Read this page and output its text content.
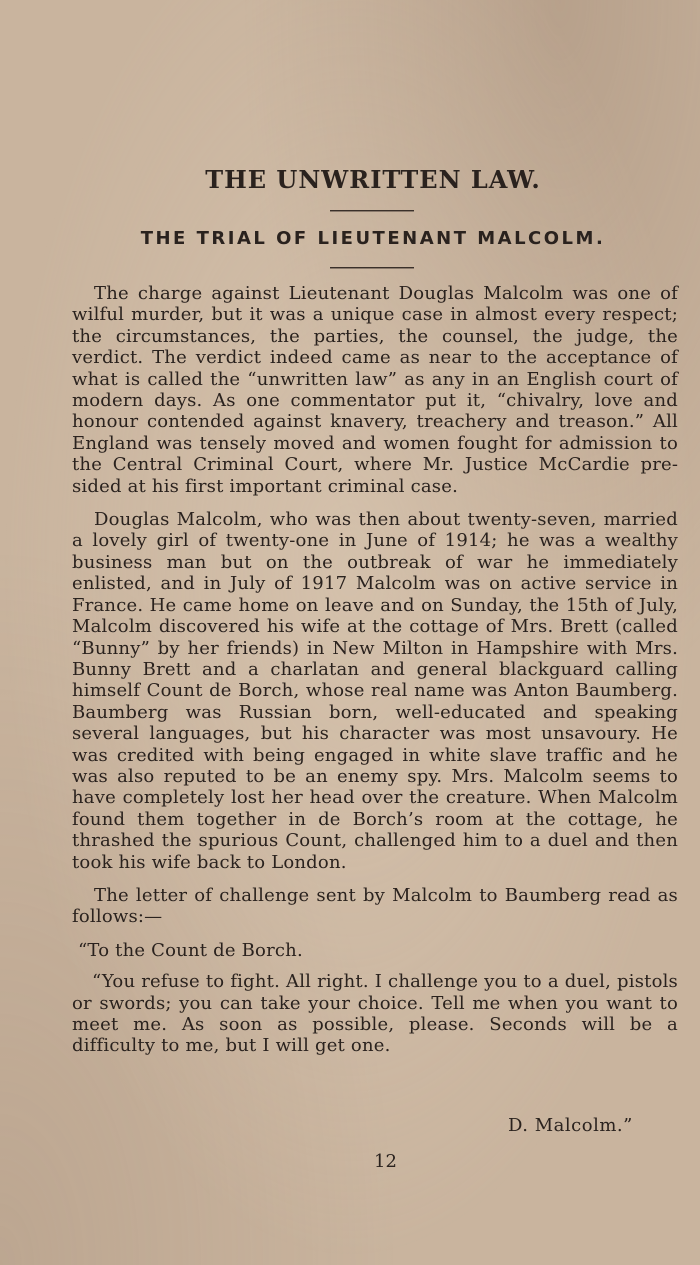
THE UNWRITTEN LAW.
THE TRIAL OF LIEUTENANT MALCOLM.

The charge against Lieutenant Douglas Malcolm was one of wilful murder, but it was a unique case in almost every respect; the circumstances, the parties, the counsel, the judge, the verdict. The verdict indeed came as near to the acceptance of what is called the “unwritten law” as any in an English court of modern days. As one commentator put it, “chivalry, love and honour contended against knavery, treachery and treason.” All England was tensely moved and women fought for admission to the Central Criminal Court, where Mr. Justice McCardie presided at his first important criminal case.

Douglas Malcolm, who was then about twenty-seven, married a lovely girl of twenty-one in June of 1914; he was a wealthy business man but on the outbreak of war he immediately enlisted, and in July of 1917 Malcolm was on active service in France. He came home on leave and on Sunday, the 15th of July, Malcolm discovered his wife at the cottage of Mrs. Brett (called “Bunny” by her friends) in New Milton in Hampshire with Mrs. Bunny Brett and a charlatan and general blackguard calling himself Count de Borch, whose real name was Anton Baumberg. Baumberg was Russian born, well-educated and speaking several languages, but his character was most unsavoury. He was credited with being engaged in white slave traffic and he was also reputed to be an enemy spy. Mrs. Malcolm seems to have completely lost her head over the creature. When Malcolm found them together in de Borch’s room at the cottage, he thrashed the spurious Count, challenged him to a duel and then took his wife back to London.

The letter of challenge sent by Malcolm to Baumberg read as follows:—

“To the Count de Borch.

“You refuse to fight. All right. I challenge you to a duel, pistols or swords; you can take your choice. Tell me when you want to meet me. As soon as possible, please. Seconds will be a difficulty to me, but I will get one.

D. Malcolm.”
12
